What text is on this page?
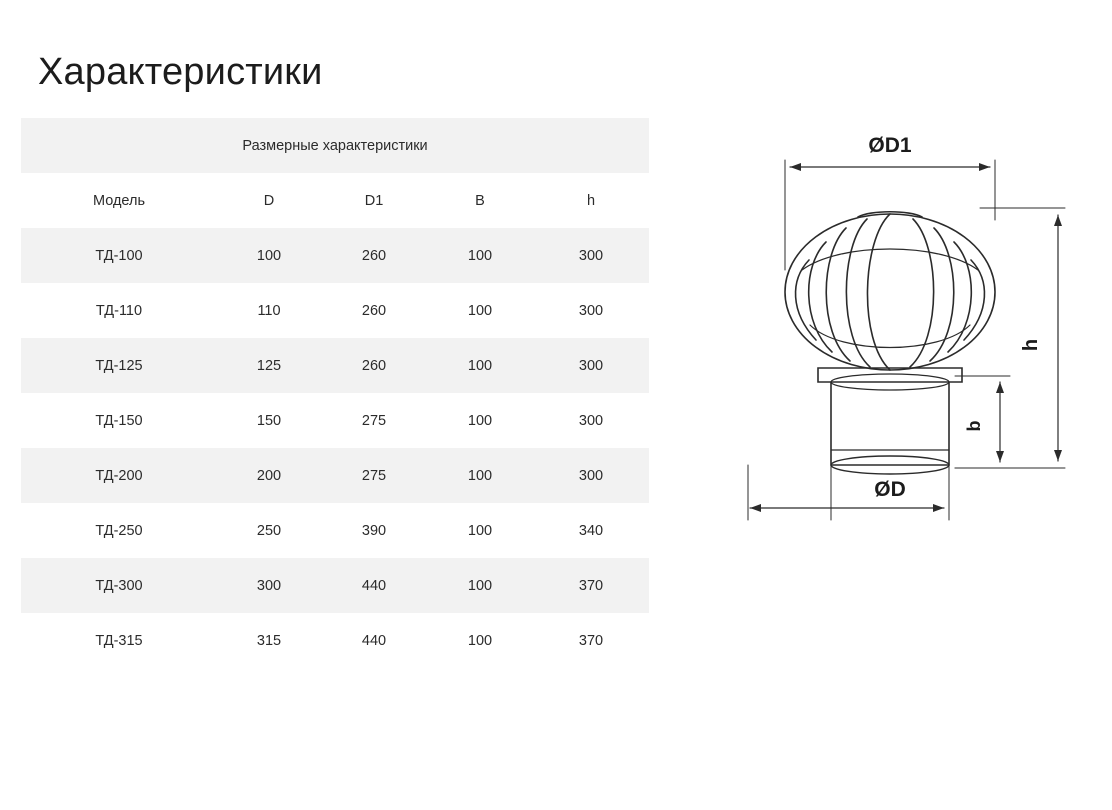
Характеристики
Размерные характеристики				
Модель	D	D1	B	h
ТД-100	100	260	100	300
ТД-110	110	260	100	300
ТД-125	125	260	100	300
ТД-150	150	275	100	300
ТД-200	200	275	100	300
ТД-250	250	390	100	340
ТД-300	300	440	100	370
ТД-315	315	440	100	370
ØD1
ØD
h
b
